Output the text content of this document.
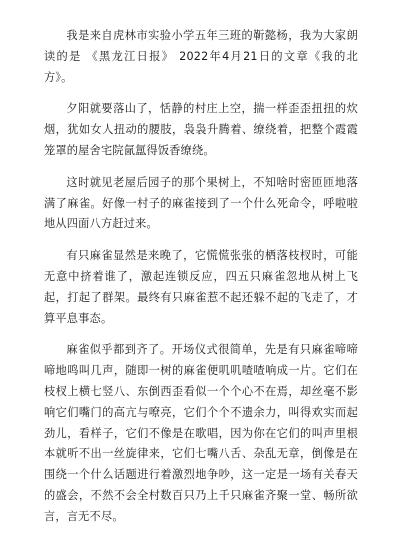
我是来自虎林市实验小学五年三班的靳懿杨，我为大家朗读的是 《黑龙江日报》 2022年4月21日的文章《我的北方》。

夕阳就要落山了，恬静的村庄上空，揣一样歪歪扭扭的炊烟，犹如女人扭动的腰肢，袅袅升腾着、缭绕着，把整个霞霞笼罩的屋舍宅院氤氲得饭香缭绕。

这时就见老屋后园子的那个果树上，不知啥时密匝匝地落满了麻雀。好像一村子的麻雀接到了一个什么死命令，呼啦啦地从四面八方赶过来。

有只麻雀显然是来晚了，它慌慌张张的栖落枝杈时，可能无意中挤着谁了，激起连锁反应，四五只麻雀忽地从树上飞起，打起了群架。最终有只麻雀惹不起还躲不起的飞走了，才算平息事态。

麻雀似乎都到齐了。开场仪式很简单，先是有只麻雀啼啼啼地鸣叫几声，随即一树的麻雀便叽叽喳喳响成一片。它们在枝杈上横七竖八、东倒西歪看似一个个心不在焉，却丝毫不影响它们嘴门的高亢与嘹亮，它们个个不遗余力，叫得欢实而起劲儿，看样子，它们不像是在歌唱，因为你在它们的叫声里根本就听不出一丝旋律来，它们七嘴八舌、杂乱无章，倒像是在围绕一个什么话题进行着激烈地争吵，这一定是一场有关春天的盛会，不然不会全村数百只乃上千只麻雀齐聚一堂、畅所欲言，言无不尽。
